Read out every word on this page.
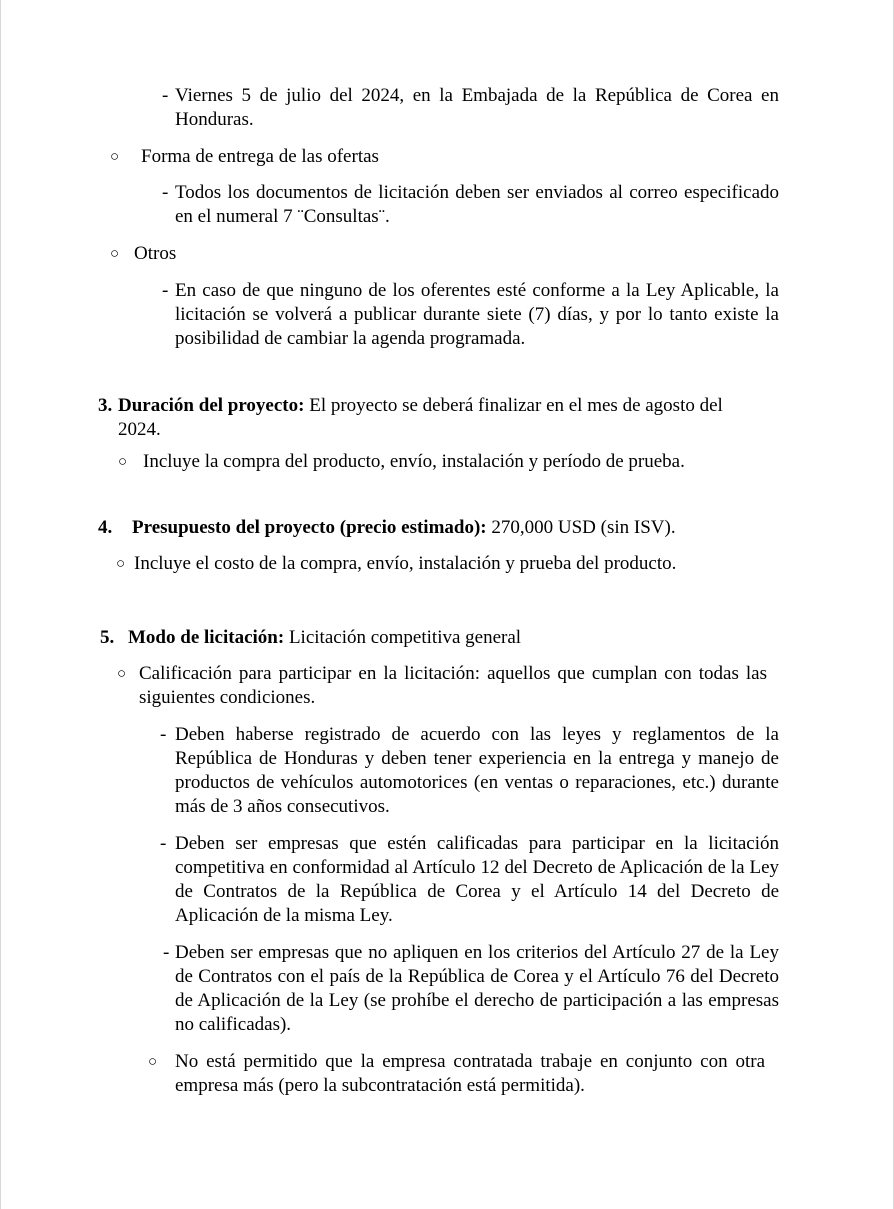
- Viernes 5 de julio del 2024, en la Embajada de la República de Corea en Honduras.
○ Forma de entrega de las ofertas
- Todos los documentos de licitación deben ser enviados al correo especificado en el numeral 7 ¨Consultas¨.
○ Otros
- En caso de que ninguno de los oferentes esté conforme a la Ley Aplicable, la licitación se volverá a publicar durante siete (7) días, y por lo tanto existe la posibilidad de cambiar la agenda programada.
3. Duración del proyecto: El proyecto se deberá finalizar en el mes de agosto del 2024.
○ Incluye la compra del producto, envío, instalación y período de prueba.
4. Presupuesto del proyecto (precio estimado): 270,000 USD (sin ISV).
○ Incluye el costo de la compra, envío, instalación y prueba del producto.
5. Modo de licitación: Licitación competitiva general
○ Calificación para participar en la licitación: aquellos que cumplan con todas las siguientes condiciones.
- Deben haberse registrado de acuerdo con las leyes y reglamentos de la República de Honduras y deben tener experiencia en la entrega y manejo de productos de vehículos automotorices (en ventas o reparaciones, etc.) durante más de 3 años consecutivos.
- Deben ser empresas que estén calificadas para participar en la licitación competitiva en conformidad al Artículo 12 del Decreto de Aplicación de la Ley de Contratos de la República de Corea y el Artículo 14 del Decreto de Aplicación de la misma Ley.
- Deben ser empresas que no apliquen en los criterios del Artículo 27 de la Ley de Contratos con el país de la República de Corea y el Artículo 76 del Decreto de Aplicación de la Ley (se prohíbe el derecho de participación a las empresas no calificadas).
○ No está permitido que la empresa contratada trabaje en conjunto con otra empresa más (pero la subcontratación está permitida).
